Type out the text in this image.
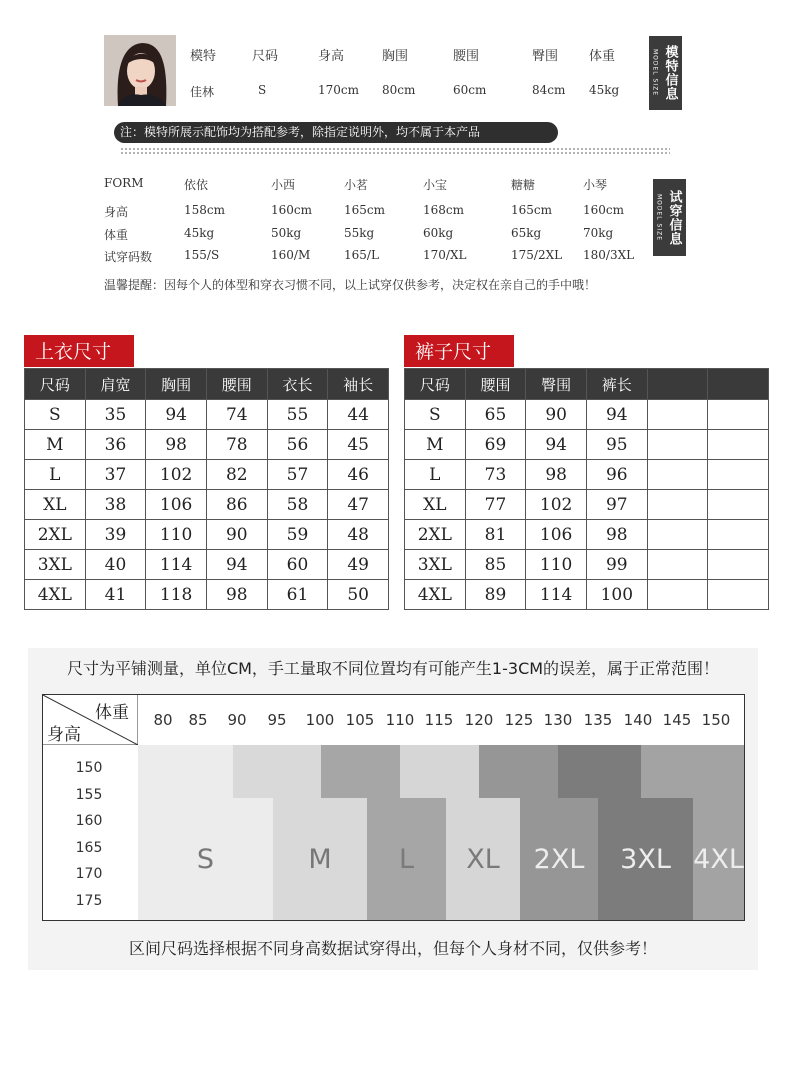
模特	尺码	身高	胸围	腰围	臀围 体重
佳林	S	170cm 80cm	60cm	84cm 45kg	MODEL SIZE 模特信息
注：模特所展示配饰均为搭配参考，除指定说明外，均不属于本产品
FORM	依依	小西	小茗	小宝	糖糖	小琴
身高	158cm	160cm	165cm	168cm	165cm	160cm
体重	45kg	50kg	55kg	60kg	65kg	70kg
试穿码数	155/S	160/M	165/L	170/XL	175/2XL 180/3XL
MODEL SIZE 试穿信息
温馨提醒：因每个人的体型和穿衣习惯不同，以上试穿仅供参考，决定权在亲自己的手中哦！
上衣尺寸
尺码	肩宽	胸围	腰围	衣长	袖长
S	35	94	74	55	44
M	36	98	78	56	45
L	37	102	82	57	46
XL	38	106	86	58	47
2XL	39	110	90	59	48
3XL	40	114	94	60	49
4XL	41	118	98	61	50
裤子尺寸
尺码	腰围	臀围	裤长		
S	65	90	94		
M	69	94	95		
L	73	98	96		
XL	77	102	97		
2XL	81	106	98		
3XL	85	110	99		
4XL	89	114	100		
尺寸为平铺测量，单位CM，手工量取不同位置均有可能产生1-3CM的误差，属于正常范围！
S	M L XL 2XL 3XL 4XL
体重
身高
80	85	90	95	100 105 110 115 120 125 130 135 140 145 150
150
155
160
165
170
175
区间尺码选择根据不同身高数据试穿得出，但每个人身材不同，仅供参考！
